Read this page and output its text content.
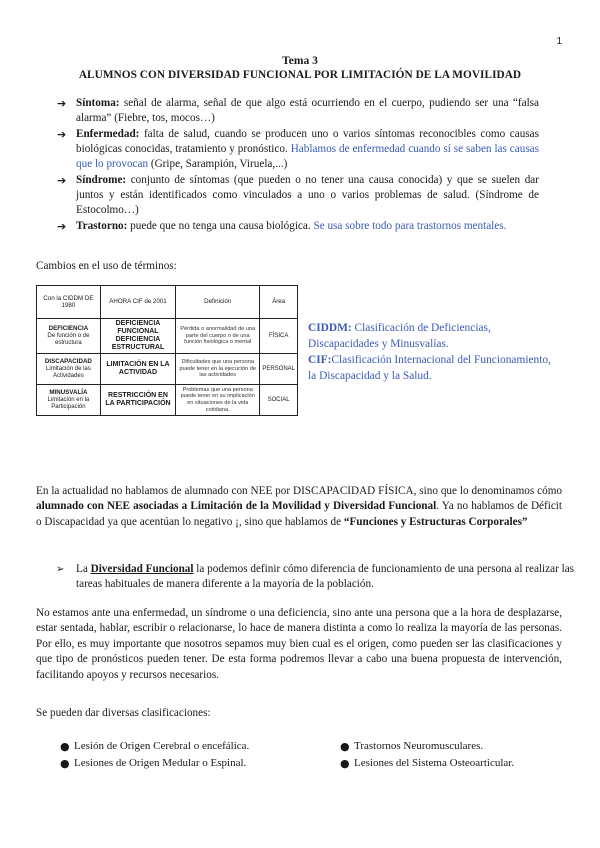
1
Tema 3
ALUMNOS CON DIVERSIDAD FUNCIONAL POR LIMITACIÓN DE LA MOVILIDAD
➔ Síntoma: señal de alarma, señal de que algo está ocurriendo en el cuerpo, pudiendo ser una “falsa alarma” (Fiebre, tos, mocos…)
➔ Enfermedad: falta de salud, cuando se producen uno o varios síntomas reconocibles como causas biológicas conocidas, tratamiento y pronóstico. Hablamos de enfermedad cuando sí se saben las causas que lo provocan (Gripe, Sarampión, Viruela,...)
➔ Síndrome: conjunto de síntomas (que pueden o no tener una causa conocida) y que se suelen dar juntos y están identificados como vinculados a uno o varios problemas de salud. (Síndrome de Estocolmo…)
➔ Trastorno: puede que no tenga una causa biológica. Se usa sobre todo para trastornos mentales.
Cambios en el uso de términos:
Con la CIDDM DE 1980	AHORA CIF de 2001	Definición	Área
DEFICIENCIA
De función o de estructura	DEFICIENCIA FUNCIONAL DEFICIENCIA ESTRUCTURAL	Pérdida o anormalidad de una parte del cuerpo o de una función fisiológica o mental	FÍSICA
DISCAPACIDAD
Limitación de las Actividades	LIMITACIÓN EN LA ACTIVIDAD	Dificultades que una persona puede tener en la ejecución de las actividades	PERSONAL
MINUSVALÍA
Limitación en la Participación	RESTRICCIÓN EN LA PARTICIPACIÓN	Problemas que una persona puede tener en su implicación en situaciones de la vida cotidiana.	SOCIAL
CIDDM: Clasificación de Deficiencias, Discapacidades y Minusvalías.
CIF:Clasificación Internacional del Funcionamiento, la Discapacidad y la Salud.
En la actualidad no hablamos de alumnado con NEE por DISCAPACIDAD FÍSICA, sino que lo denominamos cómo alumnado con NEE asociadas a Limitación de la Movilidad y Diversidad Funcional. Ya no hablamos de Déficit o Discapacidad ya que acentúan lo negativo ¡, sino que hablamos de “Funciones y Estructuras Corporales”
➢ La Diversidad Funcional la podemos definir cómo diferencia de funcionamiento de una persona al realizar las tareas habituales de manera diferente a la mayoría de la población.
No estamos ante una enfermedad, un síndrome o una deficiencia, sino ante una persona que a la hora de desplazarse, estar sentada, hablar, escribir o relacionarse, lo hace de manera distinta a como lo realiza la mayoría de las personas. Por ello, es muy importante que nosotros sepamos muy bien cual es el origen, como pueden ser las clasificaciones y que tipo de pronósticos pueden tener. De esta forma podremos llevar a cabo una buena propuesta de intervención, facilitando apoyos y recursos necesarios.
Se pueden dar diversas clasificaciones:
● Lesión de Origen Cerebral o encefálica.
● Lesiones de Origen Medular o Espinal.
● Trastornos Neuromusculares.
● Lesiones del Sistema Osteoarticular.
